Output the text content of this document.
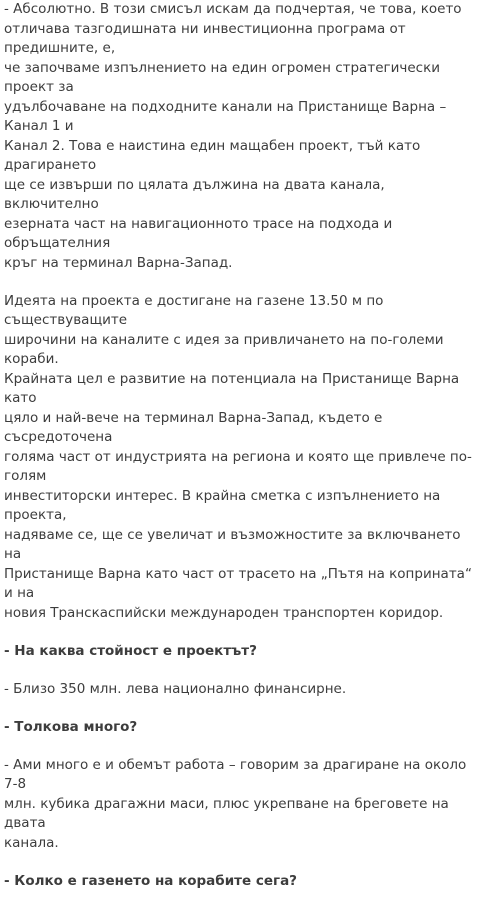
- Абсолютно. В този смисъл искам да подчертая, че това, което
отличава тазгодишната ни инвестиционна програма от предишните, е,
че започваме изпълнението на един огромен стратегически проект за
удълбочаване на подходните канали на Пристанище Варна – Канал 1 и
Канал 2. Това е наистина един мащабен проект, тъй като драгирането
ще се извърши по цялата дължина на двата канала, включително
езерната част на навигационното трасе на подхода и обръщателния
кръг на терминал Варна-Запад.

Идеята на проекта е достигане на газене 13.50 м по съществуващите
широчини на каналите с идея за привличането на по-големи кораби.
Крайната цел е развитие на потенциала на Пристанище Варна като
цяло и най-вече на терминал Варна-Запад, където е съсредоточена
голяма част от индустрията на региона и която ще привлече по-голям
инвеститорски интерес. В крайна сметка с изпълнението на проекта,
надяваме се, ще се увеличат и възможностите за включването на
Пристанище Варна като част от трасето на „Пътя на коприната“ и на
новия Транскаспийски международен транспортен коридор.

- На каква стойност е проектът?

- Близо 350 млн. лева национално финансирне.

- Толкова много?

- Ами много е и обемът работа – говорим за драгиране на около 7-8
млн. кубика драгажни маси, плюс укрепване на бреговете на двата
канала.

- Колко е газенето на корабите сега?
